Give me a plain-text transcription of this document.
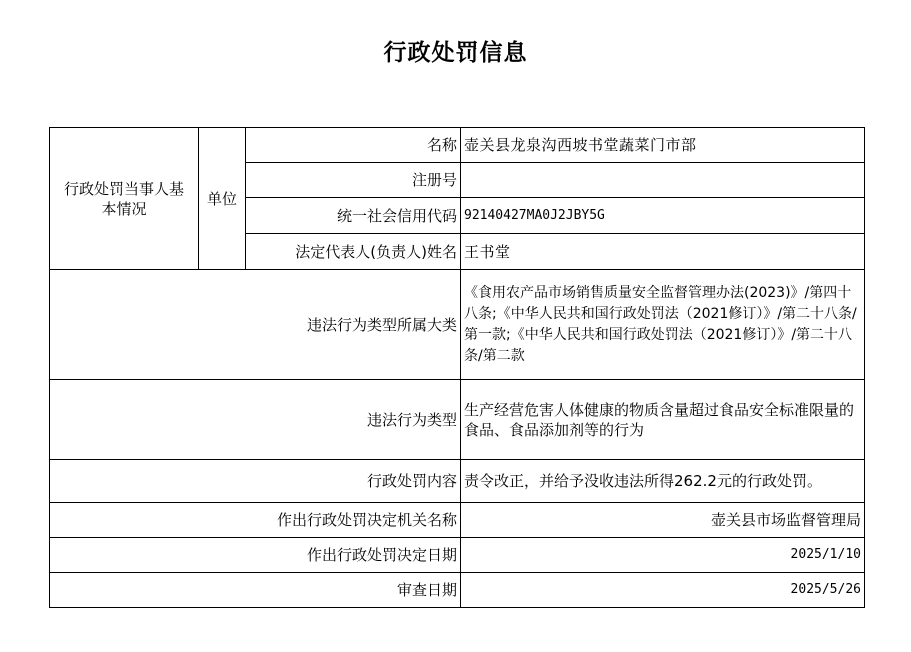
行政处罚信息
行政处罚当事人基本情况	单位	名称	壶关县龙泉沟西坡书堂蔬菜门市部
		注册号	
		统一社会信用代码	92140427MA0J2JBY5G
		法定代表人(负责人)姓名	王书堂
违法行为类型所属大类			《食用农产品市场销售质量安全监督管理办法(2023)》/第四十八条;《中华人民共和国行政处罚法（2021修订）》/第二十八条/第一款;《中华人民共和国行政处罚法（2021修订）》/第二十八条/第二款
违法行为类型			生产经营危害人体健康的物质含量超过食品安全标准限量的食品、食品添加剂等的行为
行政处罚内容			责令改正，并给予没收违法所得262.2元的行政处罚。
作出行政处罚决定机关名称			壶关县市场监督管理局
作出行政处罚决定日期			2025/1/10
审查日期			2025/5/26
